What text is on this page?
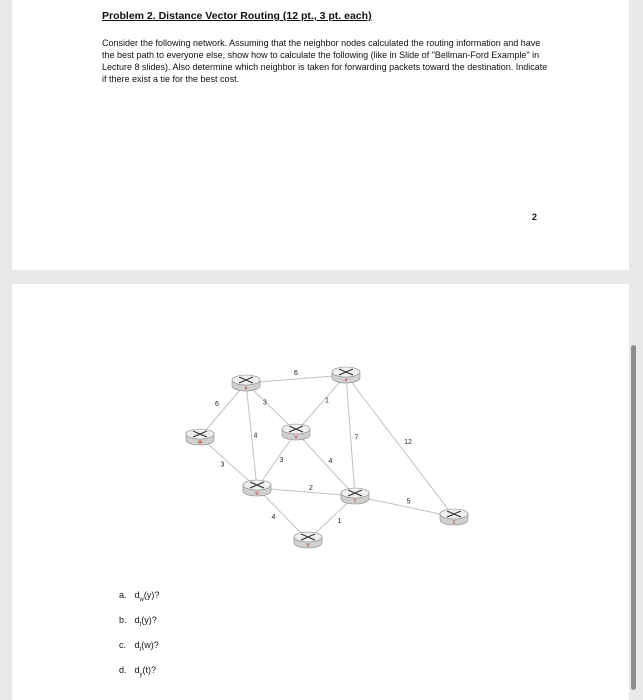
Problem 2. Distance Vector Routing (12 pt., 3 pt. each)
Consider the following network. Assuming that the neighbor nodes calculated the routing information and have the best path to everyone else, show how to calculate the following (like in Slide of "Bellman-Ford Example" in Lecture 8 slides). Also determine which neighbor is taken for forwarding packets toward the destination. Indicate if there exist a tie for the best cost.
2
6
6
4
3	1
7
12
3
3	4
2
4
1
5
X
Y
W
V
U
T
Z
S
a. $d_w(y)$?
b. $d_t(y)$?
c. $d_t(w)$?
d. $d_y(t)$?
